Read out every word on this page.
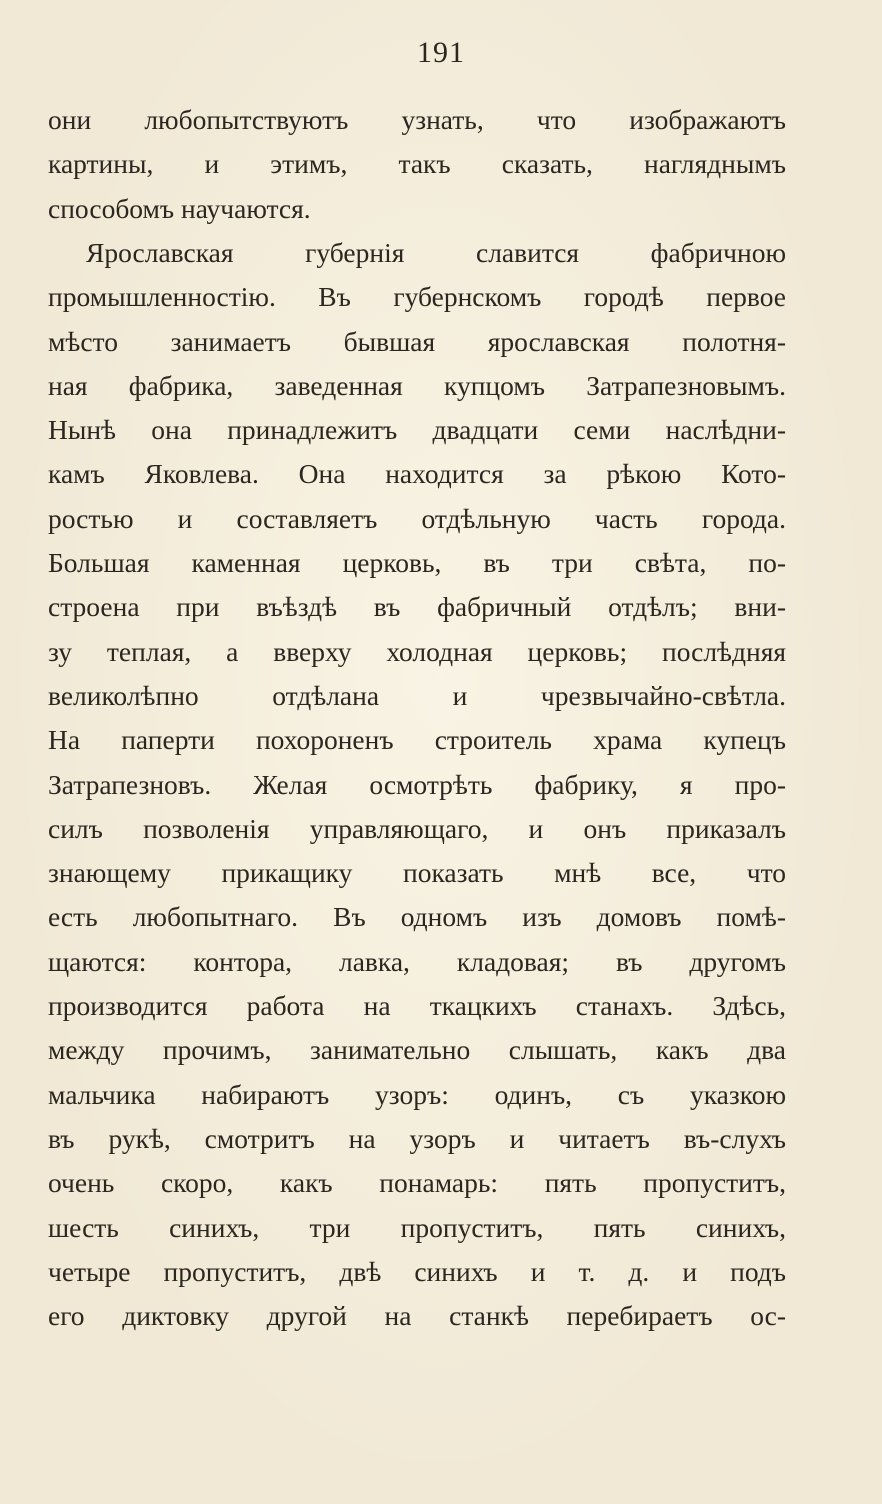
191
они любопытствуютъ узнать, что изображаютъ
картины, и этимъ, такъ сказать, нагляднымъ
способомъ научаются.
Ярославская губернія славится фабричною
промышленностію. Въ губернскомъ городѣ первое
мѣсто занимаетъ бывшая ярославская полотня-
ная фабрика, заведенная купцомъ Затрапезновымъ.
Нынѣ она принадлежитъ двадцати семи наслѣдни-
камъ Яковлева. Она находится за рѣкою Кото-
ростью и составляетъ отдѣльную часть города.
Большая каменная церковь, въ три свѣта, по-
строена при въѣздѣ въ фабричный отдѣлъ; вни-
зу теплая, а вверху холодная церковь; послѣдняя
великолѣпно отдѣлана и чрезвычайно-свѣтла.
На паперти похороненъ строитель храма купецъ
Затрапезновъ. Желая осмотрѣть фабрику, я про-
силъ позволенія управляющаго, и онъ приказалъ
знающему прикащику показать мнѣ все, что
есть любопытнаго. Въ одномъ изъ домовъ помѣ-
щаются: контора, лавка, кладовая; въ другомъ
производится работа на ткацкихъ станахъ. Здѣсь,
между прочимъ, занимательно слышать, какъ два
мальчика набираютъ узоръ: одинъ, съ указкою
въ рукѣ, смотритъ на узоръ и читаетъ въ-слухъ
очень скоро, какъ понамарь: пять пропуститъ,
шесть синихъ, три пропуститъ, пять синихъ,
четыре пропуститъ, двѣ синихъ и т. д. и подъ
его диктовку другой на станкѣ перебираетъ ос-
